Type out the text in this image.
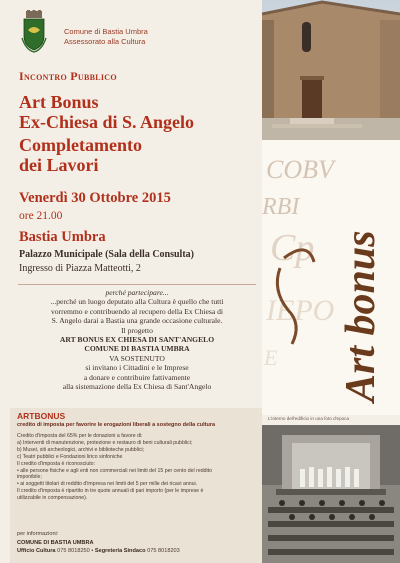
Comune di Bastia Umbra
Assessorato alla Cultura
Incontro Pubblico
Art Bonus
Ex-Chiesa di S. Angelo
Completamento
dei Lavori
Venerdì 30 Ottobre 2015
ore 21.00
Bastia Umbra
Palazzo Municipale (Sala della Consulta)
Ingresso di Piazza Matteotti, 2
perché partecipare...
...perché un luogo deputato alla Cultura è quello che tutti
vorremmo e contribuendo al recupero della Ex Chiesa di
S. Angelo darai a Bastia una grande occasione culturale.
Il progetto
ART BONUS EX CHIESA DI SANT'ANGELO
COMUNE DI BASTIA UMBRA
VA SOSTENUTO
si invitano i Cittadini e le Imprese
a donare e contribuire fattivamente
alla sistemazione della Ex Chiesa di Sant'Angelo
ARTBONUS
credito di imposta per favorire le erogazioni liberali a sostegno della cultura
Credito d'imposta del 65% per le donazioni a favore di:
a) Interventi di manutenzione, protezione e restauro di beni culturali pubblici;
b) Musei, siti archeologici, archivi e biblioteche pubblici;
c) Teatri pubblici e Fondazioni lirico sinfoniche
Il credito d'imposta è riconosciuto:
• alle persone fisiche e agli enti non commerciali nei limiti del 15 per cento del reddito
imponibile;
• ai soggetti titolari di reddito d'impresa nei limiti del 5 per mille dei ricavi annui.
Il credito d'imposta è ripartito in tre quote annuali di pari importo (per le imprese è
utilizzabile in compensazione).
per informazioni:
COMUNE DI BASTIA UMBRA
Ufficio Cultura 075 8018250 • Segreteria Sindaco 075 8018203
COBV
RBI
Cp
IEPO
E Art bonus
L'interno dell'edificio in una foto d'epoca
